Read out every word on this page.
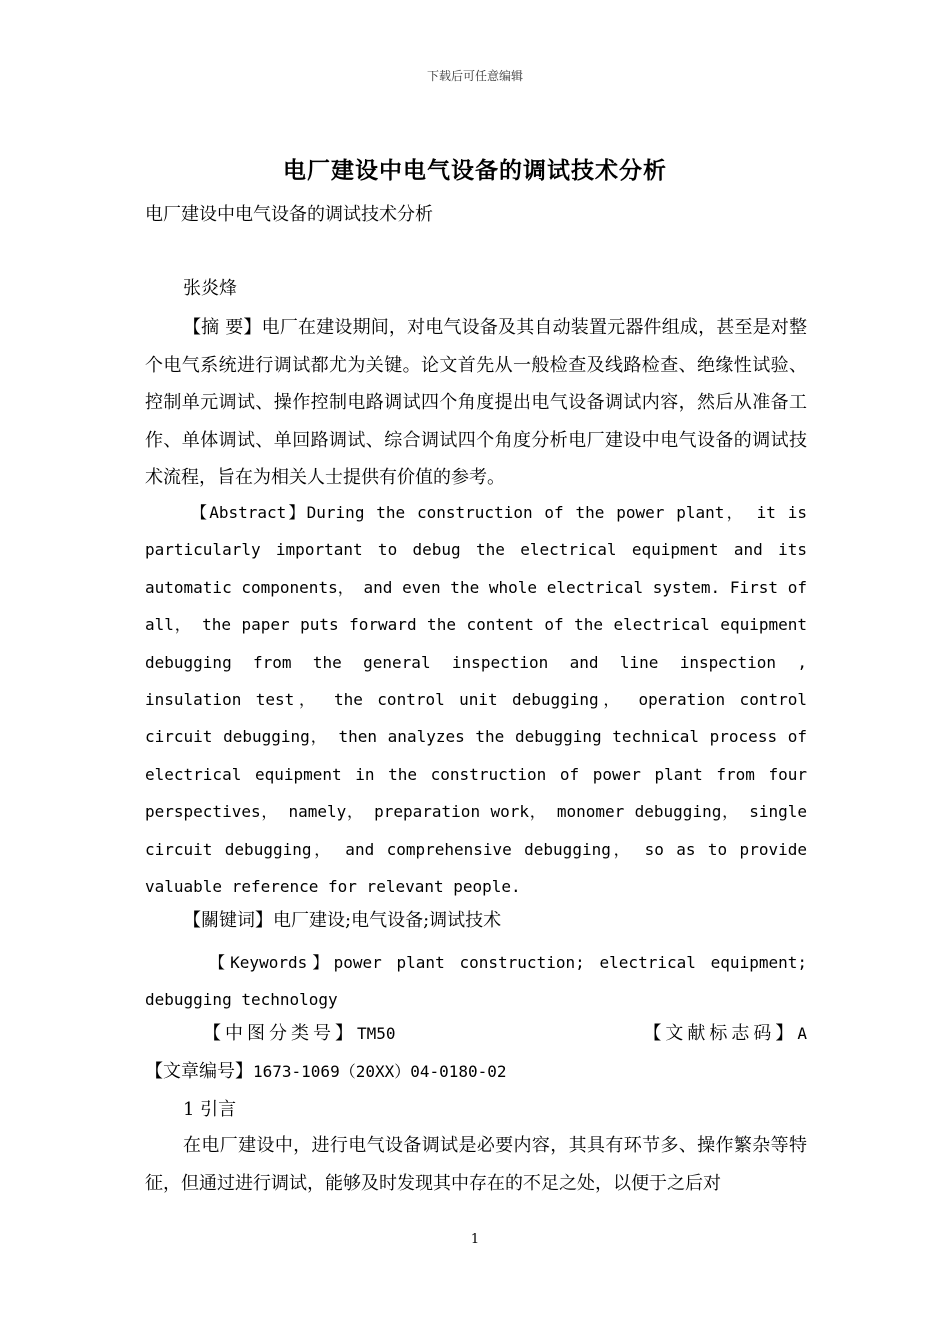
下载后可任意编辑
电厂建设中电气设备的调试技术分析
电厂建设中电气设备的调试技术分析
张炎烽
【摘 要】电厂在建设期间，对电气设备及其自动装置元器件组成，甚至是对整个电气系统进行调试都尤为关键。论文首先从一般检查及线路检查、绝缘性试验、控制单元调试、操作控制电路调试四个角度提出电气设备调试内容，然后从准备工作、单体调试、单回路调试、综合调试四个角度分析电厂建设中电气设备的调试技术流程，旨在为相关人士提供有价值的参考。
【Abstract】During the construction of the power plant， it is particularly important to debug the electrical equipment and its automatic components， and even the whole electrical system. First of all， the paper puts forward the content of the electrical equipment debugging from the general inspection and line inspection , insulation test， the control unit debugging， operation control circuit debugging， then analyzes the debugging technical process of electrical equipment in the construction of power plant from four perspectives， namely， preparation work， monomer debugging， single circuit debugging， and comprehensive debugging， so as to provide valuable reference for relevant people.
【關键词】电厂建设;电气设备;调试技术
【Keywords】power plant construction; electrical equipment; debugging technology
【中图分类号】TM50	【文献标志码】A
【文章编号】1673-1069（20XX）04-0180-02
1 引言
在电厂建设中，进行电气设备调试是必要内容，其具有环节多、操作繁杂等特征，但通过进行调试，能够及时发现其中存在的不足之处，以便于之后对
1
